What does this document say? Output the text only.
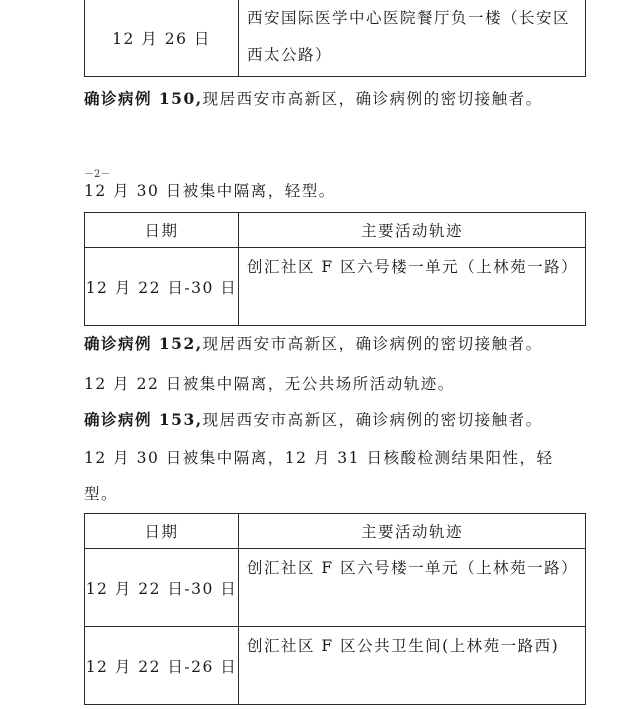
12 月 26 日	西安国际医学中心医院餐厅负一楼（长安区西太公路）
确诊病例 150,现居西安市高新区，确诊病例的密切接触者。
－2－
12 月 30 日被集中隔离，轻型。
日期	主要活动轨迹
12 月 22 日-30 日	创汇社区 F 区六号楼一单元（上林苑一路）
确诊病例 152,现居西安市高新区，确诊病例的密切接触者。
12 月 22 日被集中隔离，无公共场所活动轨迹。
确诊病例 153,现居西安市高新区，确诊病例的密切接触者。
12 月 30 日被集中隔离，12 月 31 日核酸检测结果阳性，轻
型。
日期	主要活动轨迹
12 月 22 日-30 日	创汇社区 F 区六号楼一单元（上林苑一路）
12 月 22 日-26 日	创汇社区 F 区公共卫生间(上林苑一路西)
